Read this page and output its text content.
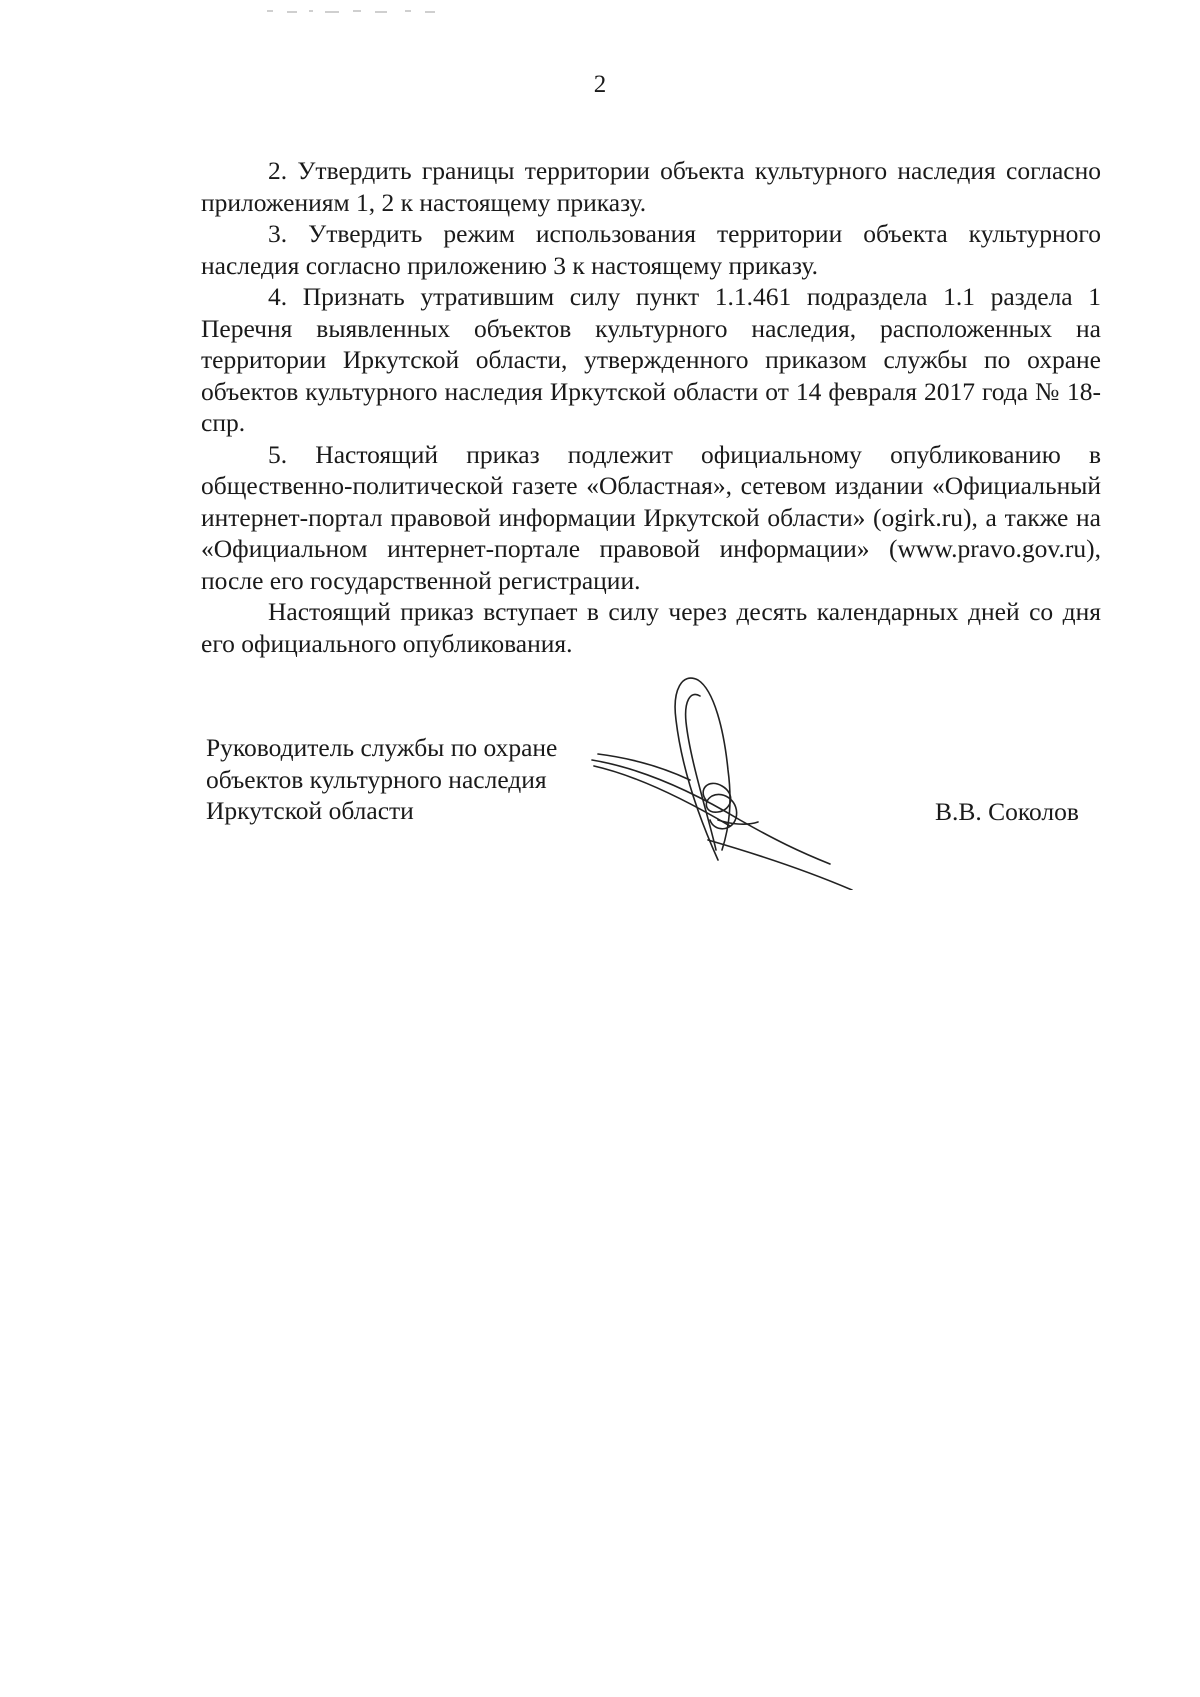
2

2. Утвердить границы территории объекта культурного наследия согласно приложениям 1, 2 к настоящему приказу.

3. Утвердить режим использования территории объекта культурного наследия согласно приложению 3 к настоящему приказу.

4. Признать утратившим силу пункт 1.1.461 подраздела 1.1 раздела 1 Перечня выявленных объектов культурного наследия, расположенных на территории Иркутской области, утвержденного приказом службы по охране объектов культурного наследия Иркутской области от 14 февраля 2017 года № 18-спр.

5. Настоящий приказ подлежит официальному опубликованию в общественно-политической газете «Областная», сетевом издании «Официальный интернет-портал правовой информации Иркутской области» (ogirk.ru), а также на «Официальном интернет-портале правовой информации» (www.pravo.gov.ru), после его государственной регистрации.

Настоящий приказ вступает в силу через десять календарных дней со дня его официального опубликования.

Руководитель службы по охране
объектов культурного наследия
Иркутской области	В.В. Соколов
